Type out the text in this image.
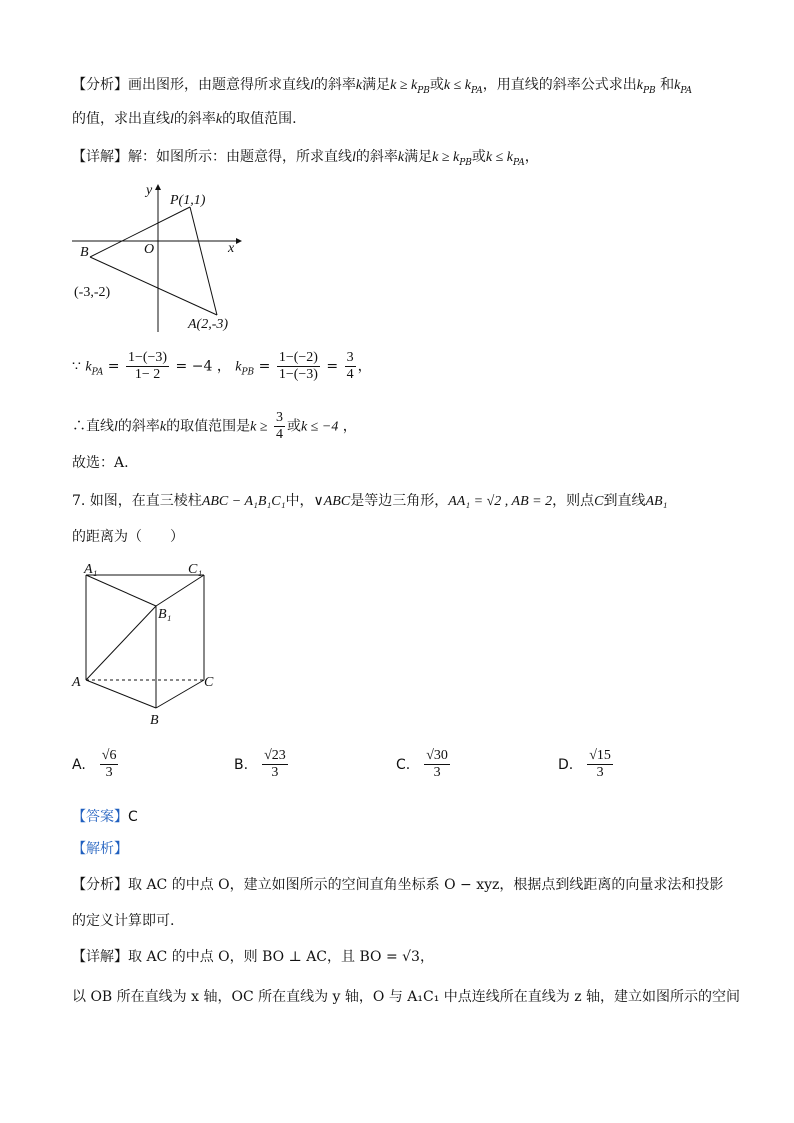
【分析】画出图形，由题意得所求直线l的斜率k满足$k \ge k_{PB}$或$k \le k_{PA}$，用直线的斜率公式求出$k_{PB}$ 和$k_{PA}$
的值，求出直线l的斜率k的取值范围.
【详解】解：如图所示：由题意得，所求直线l的斜率k满足$k \ge k_{PB}$或$k \le k_{PA}$，
y
x
O
P(1,1)
B
(-3,-2)
A(2,-3)
∵ $k_{PA} = \frac{1-(-3)}{1- 2} = -4$ ， $k_{PB} = \frac{1-(-2)}{1-(-3)} = \frac{3}{4}$ ，
∴直线l的斜率k的取值范围是$k \ge \frac{3}{4}$ 或k ≤ −4 ，
故选：A.
7. 如图，在直三棱柱ABC − A₁B₁C₁中，∨ABC是等边三角形，AA₁ = √2 , AB = 2，则点C到直线AB₁
的距离为（　　）
A₁	C₁
B₁
A	C
B
A. $\frac{√6}{3}$	B. $\frac{√23}{3}$	C. $\frac{√30}{3}$	D. $\frac{√15}{3}$
【答案】C
【解析】
【分析】取 AC 的中点 O，建立如图所示的空间直角坐标系 O − xyz，根据点到线距离的向量求法和投影
的定义计算即可.
【详解】取 AC 的中点 O，则 BO ⊥ AC，且 BO = √3，
以 OB 所在直线为 x 轴，OC 所在直线为 y 轴，O 与 A₁C₁ 中点连线所在直线为 z 轴，建立如图所示的空间
